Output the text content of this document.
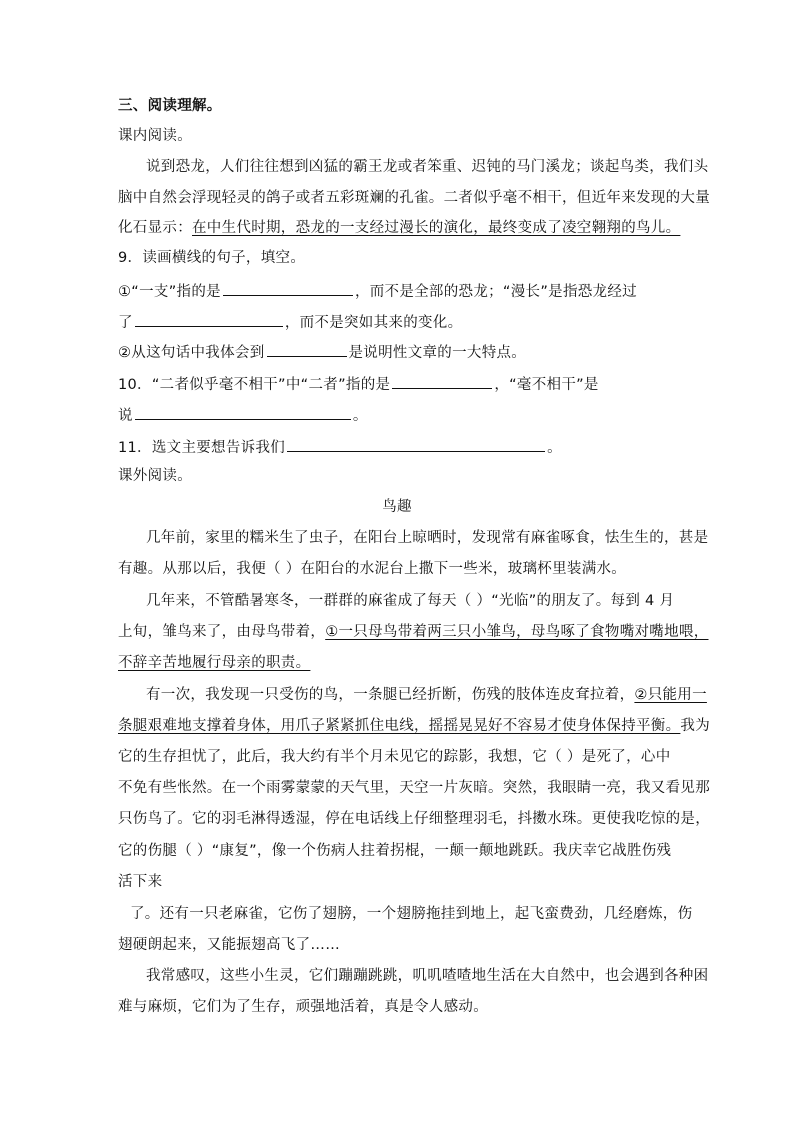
三、阅读理解。
课内阅读。
说到恐龙，人们往往想到凶猛的霸王龙或者笨重、迟钝的马门溪龙；谈起鸟类，我们头
脑中自然会浮现轻灵的鸽子或者五彩斑斓的孔雀。二者似乎毫不相干，但近年来发现的大量
化石显示：在中生代时期，恐龙的一支经过漫长的演化，最终变成了凌空翱翔的鸟儿。
9．读画横线的句子，填空。
①“一支”指的是	，而不是全部的恐龙；“漫长”是指恐龙经过
了	，而不是突如其来的变化。
②从这句话中我体会到	是说明性文章的一大特点。
10．“二者似乎毫不相干”中“二者”指的是	，“毫不相干”是
说	。
11．选文主要想告诉我们	。
课外阅读。
鸟趣
几年前，家里的糯米生了虫子，在阳台上晾晒时，发现常有麻雀啄食，怯生生的，甚是
有趣。从那以后，我便（ ）在阳台的水泥台上撒下一些米，玻璃杯里装满水。
几年来，不管酷暑寒冬，一群群的麻雀成了每天（ ）“光临”的朋友了。每到 4 月
上旬，雏鸟来了，由母鸟带着，①一只母鸟带着两三只小雏鸟，母鸟啄了食物嘴对嘴地喂，
不辞辛苦地履行母亲的职责。
有一次，我发现一只受伤的鸟，一条腿已经折断，伤残的肢体连皮耷拉着，②只能用一
条腿艰难地支撑着身体，用爪子紧紧抓住电线，摇摇晃晃好不容易才使身体保持平衡。我为
它的生存担忧了，此后，我大约有半个月未见它的踪影，我想，它（ ）是死了，心中
不免有些怅然。在一个雨雾蒙蒙的天气里，天空一片灰暗。突然，我眼睛一亮，我又看见那
只伤鸟了。它的羽毛淋得透湿，停在电话线上仔细整理羽毛，抖擞水珠。更使我吃惊的是，
它的伤腿（ ）“康复”，像一个伤病人拄着拐棍，一颠一颠地跳跃。我庆幸它战胜伤残
活下来
了。还有一只老麻雀，它伤了翅膀，一个翅膀拖挂到地上，起飞蛮费劲，几经磨炼，伤
翅硬朗起来，又能振翅高飞了……
我常感叹，这些小生灵，它们蹦蹦跳跳，叽叽喳喳地生活在大自然中，也会遇到各种困
难与麻烦，它们为了生存，顽强地活着，真是令人感动。
